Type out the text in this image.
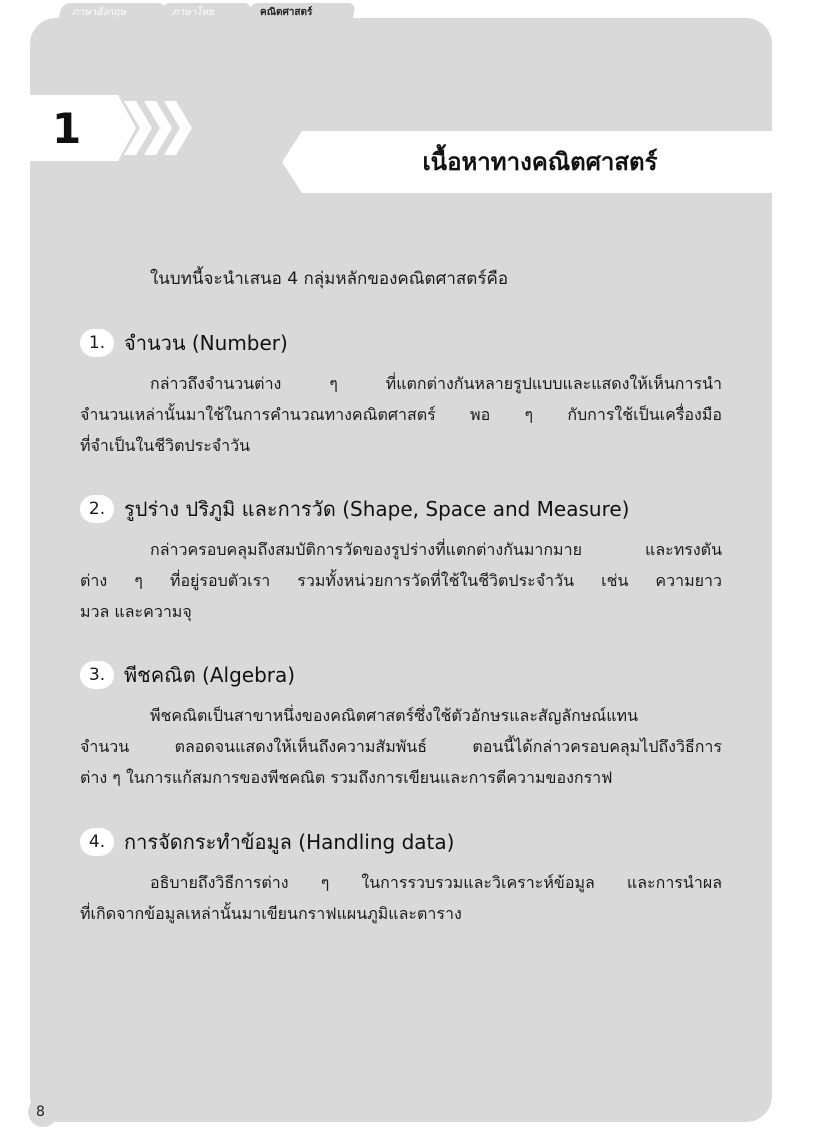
ภาษาอังกฤษ	ภาษาไทย	คณิตศาสตร์
1
เนื้อหาทางคณิตศาสตร์
ในบทนี้จะนำเสนอ 4 กลุ่มหลักของคณิตศาสตร์คือ
1. จำนวน (Number)
กล่าวถึงจำนวนต่าง ๆ ที่แตกต่างกันหลายรูปแบบและแสดงให้เห็นการนำ
จำนวนเหล่านั้นมาใช้ในการคำนวณทางคณิตศาสตร์ พอ ๆ กับการใช้เป็นเครื่องมือ
ที่จำเป็นในชีวิตประจำวัน
2. รูปร่าง ปริภูมิ และการวัด (Shape, Space and Measure)
กล่าวครอบคลุมถึงสมบัติการวัดของรูปร่างที่แตกต่างกันมากมาย และทรงตัน
ต่าง ๆ ที่อยู่รอบตัวเรา รวมทั้งหน่วยการวัดที่ใช้ในชีวิตประจำวัน เช่น ความยาว
มวล และความจุ
3. พีชคณิต (Algebra)
พีชคณิตเป็นสาขาหนึ่งของคณิตศาสตร์ซึ่งใช้ตัวอักษรและสัญลักษณ์แทน
จำนวน ตลอดจนแสดงให้เห็นถึงความสัมพันธ์ ตอนนี้ได้กล่าวครอบคลุมไปถึงวิธีการ
ต่าง ๆ ในการแก้สมการของพีชคณิต รวมถึงการเขียนและการตีความของกราฟ
4. การจัดกระทำข้อมูล (Handling data)
อธิบายถึงวิธีการต่าง ๆ ในการรวบรวมและวิเคราะห์ข้อมูล และการนำผล
ที่เกิดจากข้อมูลเหล่านั้นมาเขียนกราฟแผนภูมิและตาราง
8
